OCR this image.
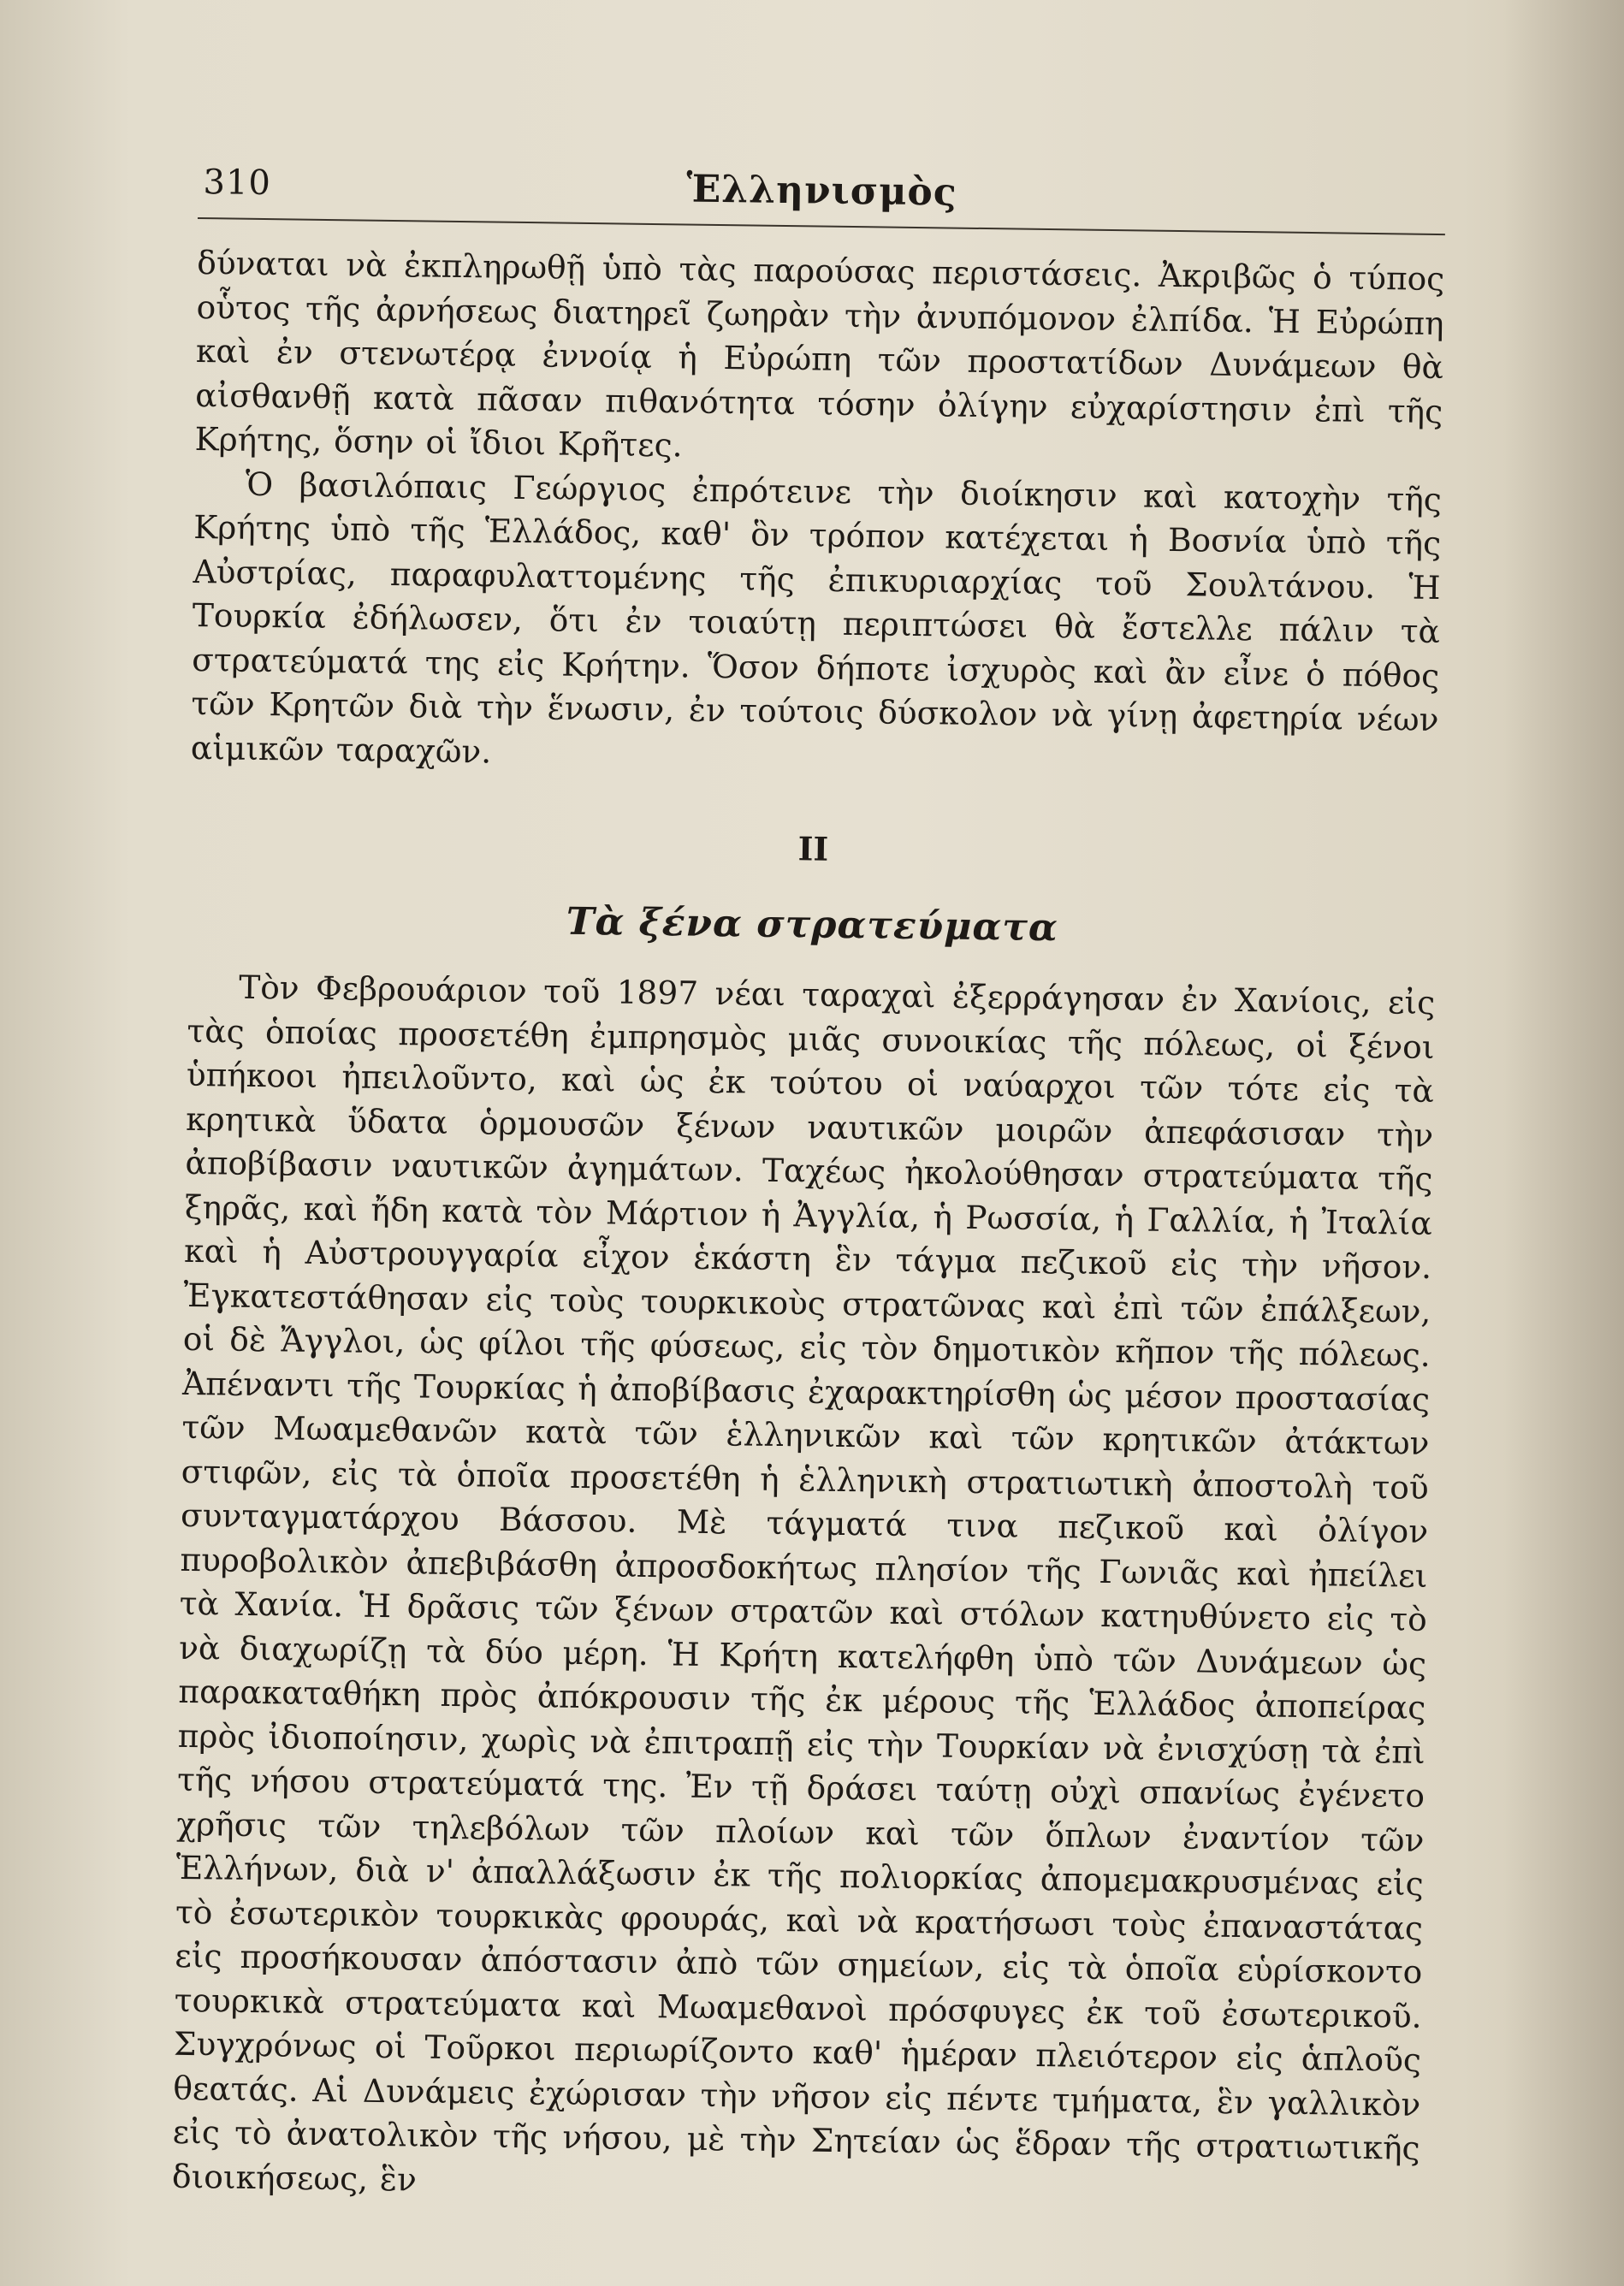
310	Ἑλληνισμὸς

δύναται νὰ ἐκπληρωθῇ ὑπὸ τὰς παρούσας περιστάσεις. Ἀκριβῶς ὁ τύπος οὗτος τῆς ἀρνήσεως διατηρεῖ ζωηρὰν τὴν ἀνυπόμονον ἐλπίδα. Ἡ Εὐρώπη καὶ ἐν στενωτέρᾳ ἐννοίᾳ ἡ Εὐρώπη τῶν προστατίδων Δυνάμεων θὰ αἰσθανθῇ κατὰ πᾶσαν πιθανότητα τόσην ὀλίγην εὐχαρίστησιν ἐπὶ τῆς Κρήτης, ὅσην οἱ ἴδιοι Κρῆτες.

Ὁ βασιλόπαις Γεώργιος ἐπρότεινε τὴν διοίκησιν καὶ κατοχὴν τῆς Κρήτης ὑπὸ τῆς Ἑλλάδος, καθ' ὃν τρόπον κατέχεται ἡ Βοσνία ὑπὸ τῆς Αὐστρίας, παραφυλαττομένης τῆς ἐπικυριαρχίας τοῦ Σουλτάνου. Ἡ Τουρκία ἐδήλωσεν, ὅτι ἐν τοιαύτῃ περιπτώσει θὰ ἔστελλε πάλιν τὰ στρατεύματά της εἰς Κρήτην. Ὅσον δήποτε ἰσχυρὸς καὶ ἂν εἶνε ὁ πόθος τῶν Κρητῶν διὰ τὴν ἕνωσιν, ἐν τούτοις δύσκολον νὰ γίνῃ ἀφετηρία νέων αἱμικῶν ταραχῶν.

II
Τὰ ξένα στρατεύματα

Τὸν Φεβρουάριον τοῦ 1897 νέαι ταραχαὶ ἐξερράγησαν ἐν Χανίοις, εἰς τὰς ὁποίας προσετέθη ἐμπρησμὸς μιᾶς συνοικίας τῆς πόλεως, οἱ ξένοι ὑπήκοοι ἠπειλοῦντο, καὶ ὡς ἐκ τούτου οἱ ναύαρχοι τῶν τότε εἰς τὰ κρητικὰ ὕδατα ὁρμουσῶν ξένων ναυτικῶν μοιρῶν ἀπεφάσισαν τὴν ἀποβίβασιν ναυτικῶν ἀγημάτων. Ταχέως ἠκολούθησαν στρατεύματα τῆς ξηρᾶς, καὶ ἤδη κατὰ τὸν Μάρτιον ἡ Ἀγγλία, ἡ Ρωσσία, ἡ Γαλλία, ἡ Ἰταλία καὶ ἡ Αὐστρουγγαρία εἶχον ἑκάστη ἓν τάγμα πεζικοῦ εἰς τὴν νῆσον. Ἐγκατεστάθησαν εἰς τοὺς τουρκικοὺς στρατῶνας καὶ ἐπὶ τῶν ἐπάλξεων, οἱ δὲ Ἄγγλοι, ὡς φίλοι τῆς φύσεως, εἰς τὸν δημοτικὸν κῆπον τῆς πόλεως. Ἀπέναντι τῆς Τουρκίας ἡ ἀποβίβασις ἐχαρακτηρίσθη ὡς μέσον προστασίας τῶν Μωαμεθανῶν κατὰ τῶν ἑλληνικῶν καὶ τῶν κρητικῶν ἀτάκτων στιφῶν, εἰς τὰ ὁποῖα προσετέθη ἡ ἑλληνικὴ στρατιωτικὴ ἀποστολὴ τοῦ συνταγματάρχου Βάσσου. Μὲ τάγματά τινα πεζικοῦ καὶ ὀλίγον πυροβολικὸν ἀπεβιβάσθη ἀπροσδοκήτως πλησίον τῆς Γωνιᾶς καὶ ἠπείλει τὰ Χανία. Ἡ δρᾶσις τῶν ξένων στρατῶν καὶ στόλων κατηυθύνετο εἰς τὸ νὰ διαχωρίζῃ τὰ δύο μέρη. Ἡ Κρήτη κατελήφθη ὑπὸ τῶν Δυνάμεων ὡς παρακαταθήκη πρὸς ἀπόκρουσιν τῆς ἐκ μέρους τῆς Ἑλλάδος ἀποπείρας πρὸς ἰδιοποίησιν, χωρὶς νὰ ἐπιτραπῇ εἰς τὴν Τουρκίαν νὰ ἐνισχύσῃ τὰ ἐπὶ τῆς νήσου στρατεύματά της. Ἐν τῇ δράσει ταύτῃ οὐχὶ σπανίως ἐγένετο χρῆσις τῶν τηλεβόλων τῶν πλοίων καὶ τῶν ὅπλων ἐναντίον τῶν Ἑλλήνων, διὰ ν' ἀπαλλάξωσιν ἐκ τῆς πολιορκίας ἀπομεμακρυσμένας εἰς τὸ ἐσωτερικὸν τουρκικὰς φρουράς, καὶ νὰ κρατήσωσι τοὺς ἐπαναστάτας εἰς προσήκουσαν ἀπόστασιν ἀπὸ τῶν σημείων, εἰς τὰ ὁποῖα εὑρίσκοντο τουρκικὰ στρατεύματα καὶ Μωαμεθανοὶ πρόσφυγες ἐκ τοῦ ἐσωτερικοῦ. Συγχρόνως οἱ Τοῦρκοι περιωρίζοντο καθ' ἡμέραν πλειότερον εἰς ἁπλοῦς θεατάς. Αἱ Δυνάμεις ἐχώρισαν τὴν νῆσον εἰς πέντε τμήματα, ἓν γαλλικὸν εἰς τὸ ἀνατολικὸν τῆς νήσου, μὲ τὴν Σητείαν ὡς ἕδραν τῆς στρατιωτικῆς διοικήσεως, ἓν
